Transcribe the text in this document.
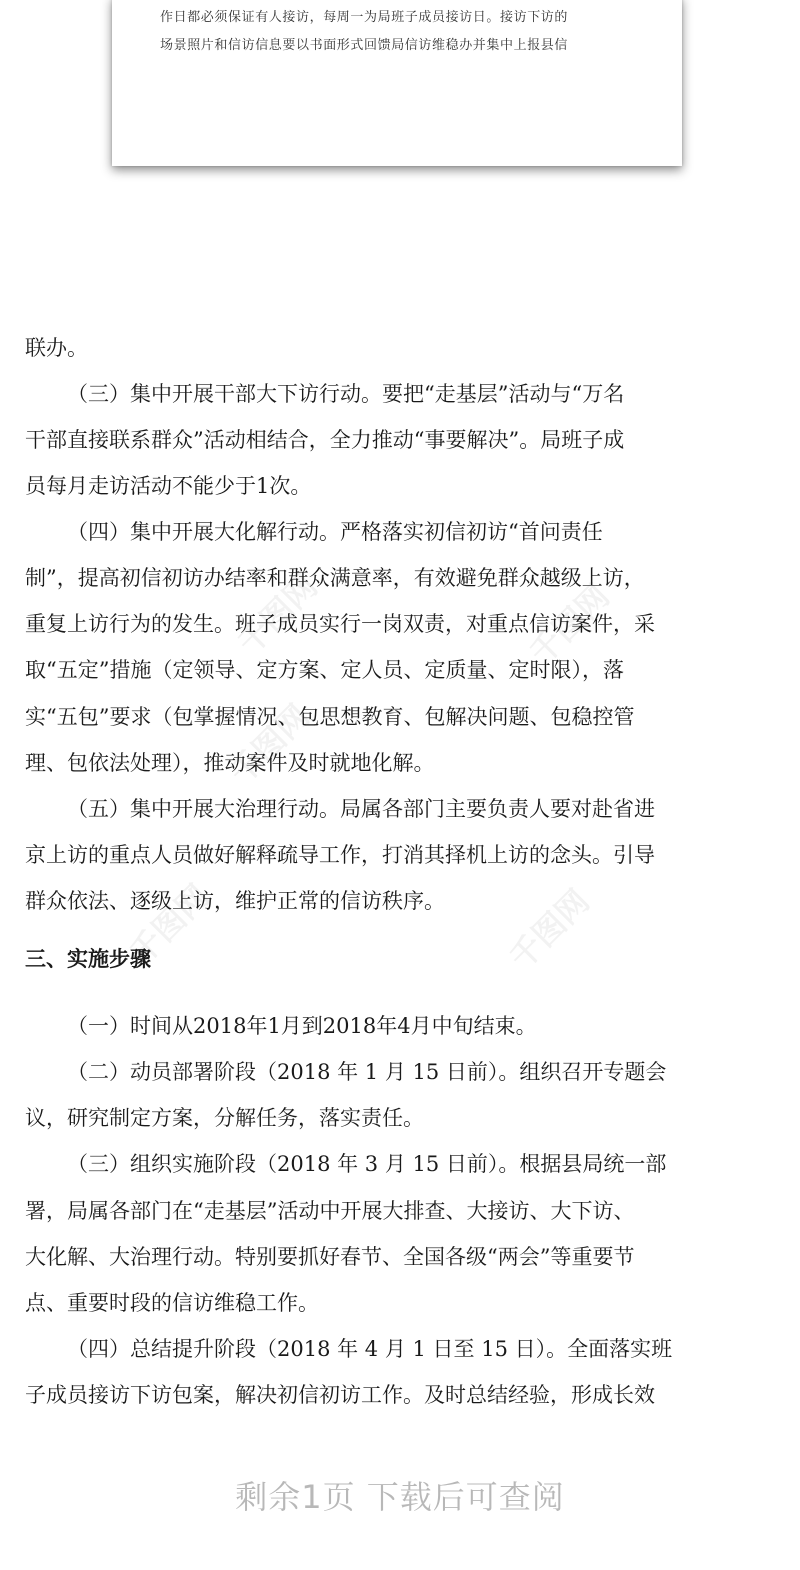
作日都必须保证有人接访，每周一为局班子成员接访日。接访下访的

场景照片和信访信息要以书面形式回馈局信访维稳办并集中上报县信

千图网	千图网
千图网
千图网
千图网

联办。

（三）集中开展干部大下访行动。要把“走基层”活动与“万名

干部直接联系群众”活动相结合，全力推动“事要解决”。局班子成

员每月走访活动不能少于1次。

（四）集中开展大化解行动。严格落实初信初访“首问责任

制”，提高初信初访办结率和群众满意率，有效避免群众越级上访，

重复上访行为的发生。班子成员实行一岗双责，对重点信访案件，采

取“五定”措施（定领导、定方案、定人员、定质量、定时限），落

实“五包”要求（包掌握情况、包思想教育、包解决问题、包稳控管

理、包依法处理），推动案件及时就地化解。

（五）集中开展大治理行动。局属各部门主要负责人要对赴省进

京上访的重点人员做好解释疏导工作，打消其择机上访的念头。引导

群众依法、逐级上访，维护正常的信访秩序。

三、实施步骤

（一）时间从2018年1月到2018年4月中旬结束。

（二）动员部署阶段（2018 年 1 月 15 日前）。组织召开专题会

议，研究制定方案，分解任务，落实责任。

（三）组织实施阶段（2018 年 3 月 15 日前）。根据县局统一部

署，局属各部门在“走基层”活动中开展大排查、大接访、大下访、

大化解、大治理行动。特别要抓好春节、全国各级“两会”等重要节

点、重要时段的信访维稳工作。

（四）总结提升阶段（2018 年 4 月 1 日至 15 日）。全面落实班

子成员接访下访包案，解决初信初访工作。及时总结经验，形成长效

剩余1页 下载后可查阅
